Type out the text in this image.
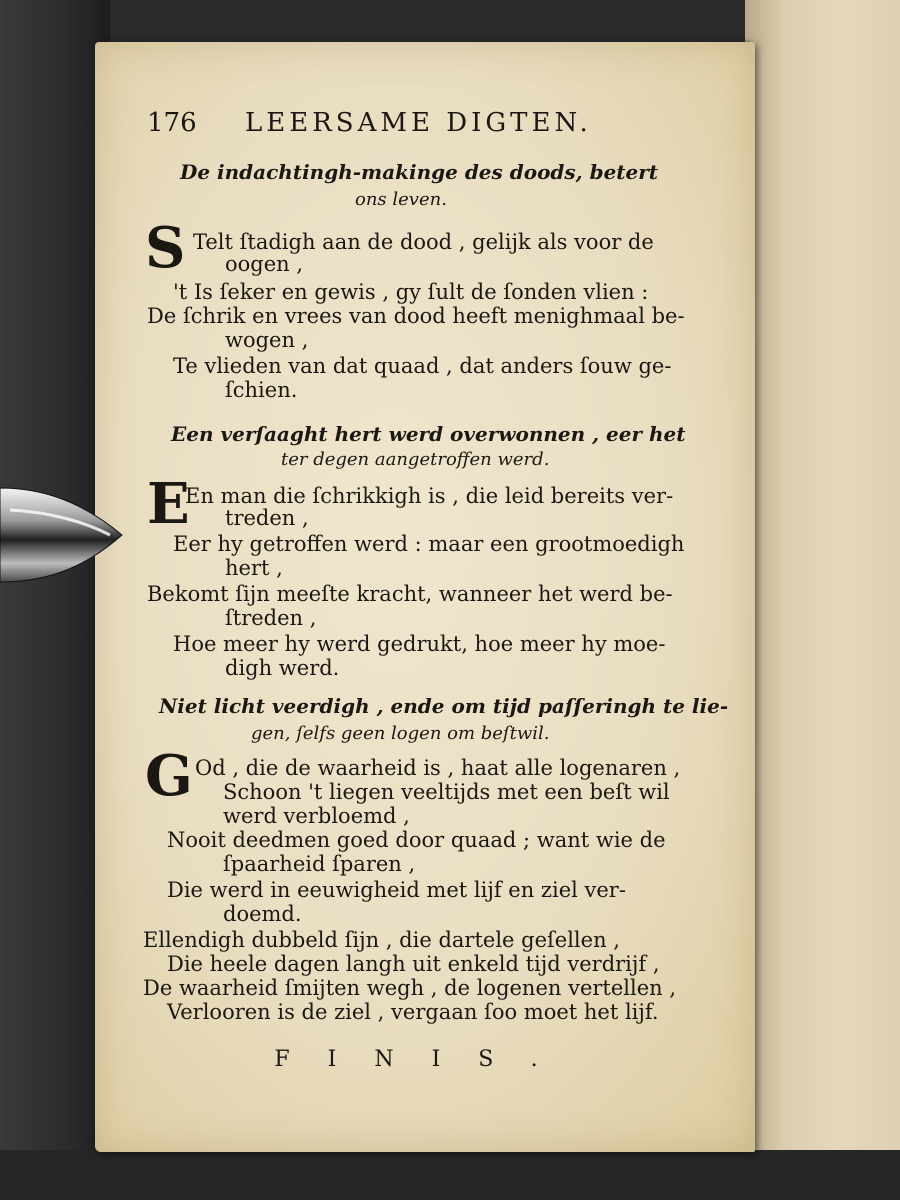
176 LEERSAME DIGTEN.
De indachtingh-makinge des doods, betert
ons leven.
S Telt ſtadigh aan de dood , gelijk als voor de
oogen ,
't Is ſeker en gewis , gy ſult de ſonden vlien :
De ſchrik en vrees van dood heeft menighmaal be-
wogen ,
Te vlieden van dat quaad , dat anders ſouw ge-
ſchien.
Een verſaaght hert werd overwonnen , eer het
ter degen aangetroffen werd.
E
En man die ſchrikkigh is , die leid bereits ver-
treden ,
Eer hy getroffen werd : maar een grootmoedigh
hert ,
Bekomt ſijn meeſte kracht, wanneer het werd be-
ſtreden ,
Hoe meer hy werd gedrukt, hoe meer hy moe-
digh werd.
Niet licht veerdigh , ende om tijd paſſeringh te lie-
gen, ſelfs geen logen om beſtwil.
G Od , die de waarheid is , haat alle logenaren ,
Schoon 't liegen veeltijds met een beſt wil
werd verbloemd ,
Nooit deedmen goed door quaad ; want wie de
ſpaarheid ſparen ,
Die werd in eeuwigheid met lijf en ziel ver-
doemd.
Ellendigh dubbeld ſijn , die dartele geſellen ,
Die heele dagen langh uit enkeld tijd verdrijf ,
De waarheid ſmijten wegh , de logenen vertellen ,
Verlooren is de ziel , vergaan ſoo moet het lijf.
FINIS.
